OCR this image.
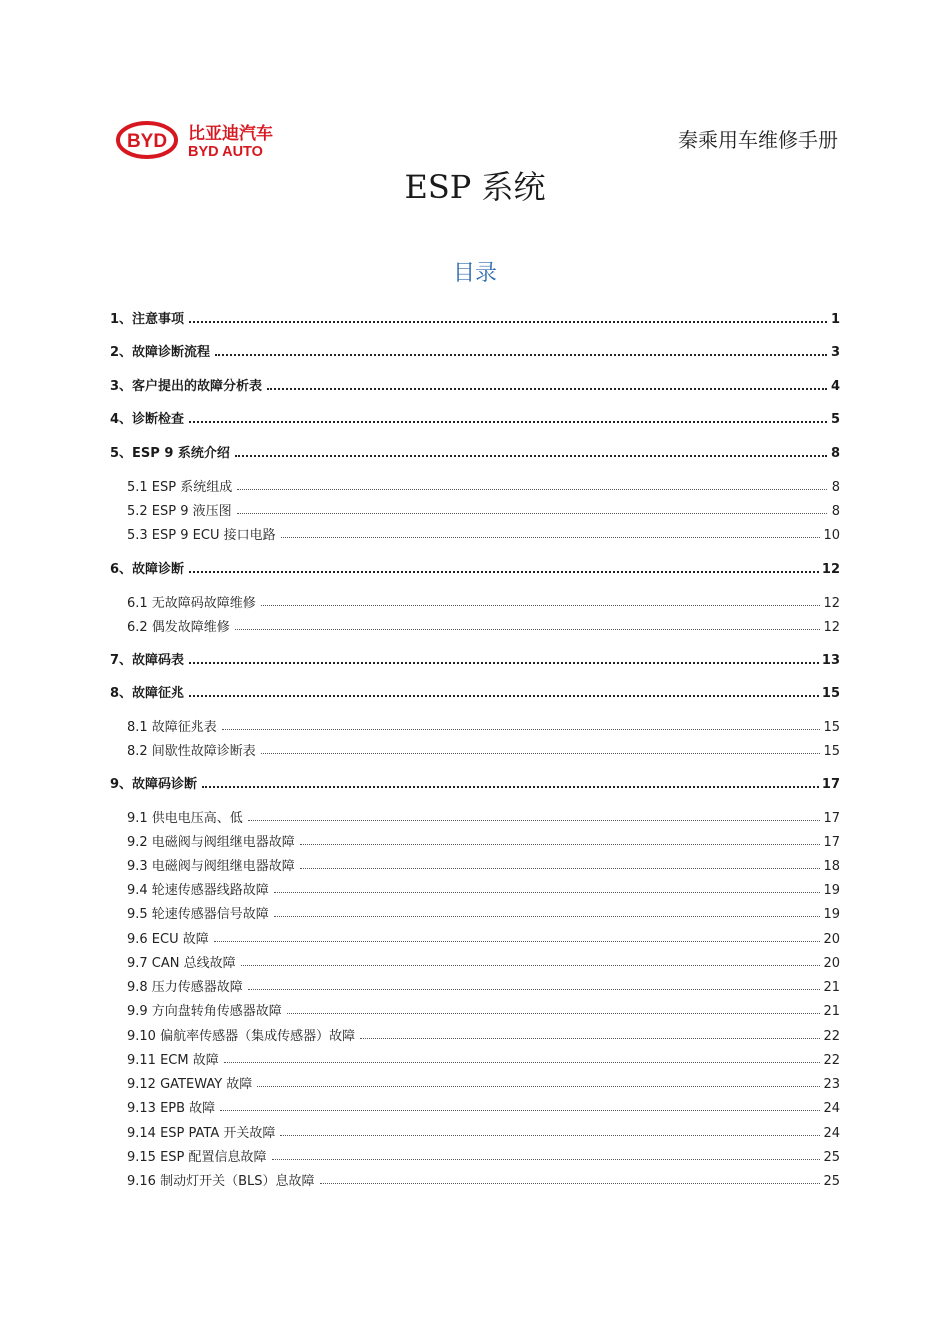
BYD 比亚迪汽车
BYD AUTO	秦乘用车维修手册
ESP 系统
目录
1、注意事项	1
2、故障诊断流程	3
3、客户提出的故障分析表	4
4、诊断检查	5
5、ESP 9 系统介绍	8
5.1 ESP 系统组成	8
5.2 ESP 9 液压图	8
5.3 ESP 9 ECU 接口电路	10
6、故障诊断	12
6.1 无故障码故障维修	12
6.2 偶发故障维修	12
7、故障码表	13
8、故障征兆	15
8.1 故障征兆表	15
8.2 间歇性故障诊断表	15
9、故障码诊断	17
9.1 供电电压高、低	17
9.2 电磁阀与阀组继电器故障	17
9.3 电磁阀与阀组继电器故障	18
9.4 轮速传感器线路故障	19
9.5 轮速传感器信号故障	19
9.6 ECU 故障	20
9.7 CAN 总线故障	20
9.8 压力传感器故障	21
9.9 方向盘转角传感器故障	21
9.10 偏航率传感器（集成传感器）故障	22
9.11 ECM 故障	22
9.12 GATEWAY 故障	23
9.13 EPB 故障	24
9.14 ESP PATA 开关故障	24
9.15 ESP 配置信息故障	25
9.16 制动灯开关（BLS）息故障	25
